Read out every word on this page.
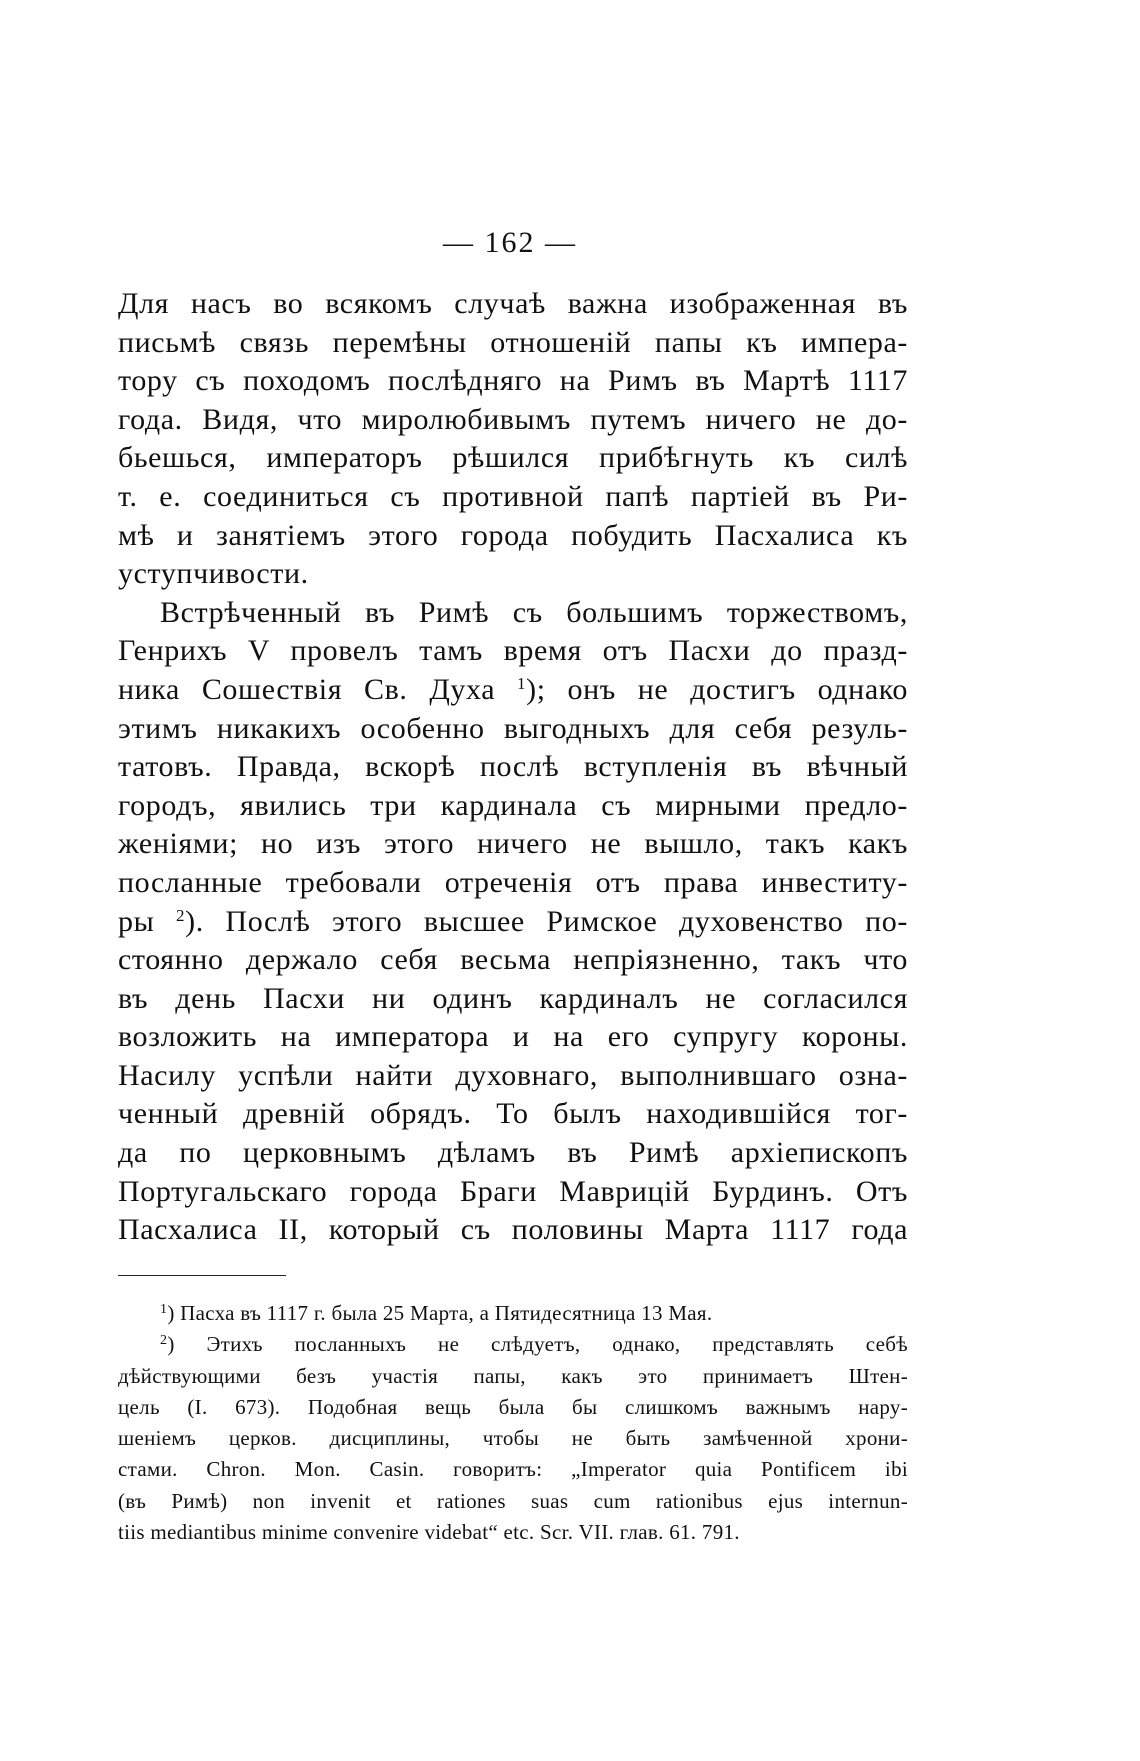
— 162 —
Для насъ во всякомъ случаѣ важна изображенная въ
письмѣ связь перемѣны отношеній папы къ импера-
тору съ походомъ послѣдняго на Римъ въ Мартѣ 1117
года. Видя, что миролюбивымъ путемъ ничего не до-
бьешься, императоръ рѣшился прибѣгнуть къ силѣ
т. е. соединиться съ противной папѣ партіей въ Ри-
мѣ и занятіемъ этого города побудить Пасхалиса къ
уступчивости.
Встрѣченный въ Римѣ съ большимъ торжествомъ,
Генрихъ V провелъ тамъ время отъ Пасхи до празд-
ника Сошествія Св. Духа $^1$); онъ не достигъ однако
этимъ никакихъ особенно выгодныхъ для себя резуль-
татовъ. Правда, вскорѣ послѣ вступленія въ вѣчный
городъ, явились три кардинала съ мирными предло-
женіями; но изъ этого ничего не вышло, такъ какъ
посланные требовали отреченія отъ права инвеститу-
ры $^2$). Послѣ этого высшее Римское духовенство по-
стоянно держало себя весьма непріязненно, такъ что
въ день Пасхи ни одинъ кардиналъ не согласился
возложить на императора и на его супругу короны.
Насилу успѣли найти духовнаго, выполнившаго озна-
ченный древній обрядъ. То былъ находившійся тог-
да по церковнымъ дѣламъ въ Римѣ архіепископъ
Португальскаго города Браги Маврицій Бурдинъ. Отъ
Пасхалиса II, который съ половины Марта 1117 года
$^1$) Пасха въ 1117 г. была 25 Марта, а Пятидесятница 13 Мая.
$^2$) Этихъ посланныхъ не слѣдуетъ, однако, представлять себѣ
дѣйствующими безъ участія папы, какъ это принимаетъ Штен-
цель (I. 673). Подобная вещь была бы слишкомъ важнымъ нару-
шеніемъ церков. дисциплины, чтобы не быть замѣченной хрони-
стами. Chron. Mon. Casin. говоритъ: „Imperator quia Pontificem ibi
(въ Римѣ) non invenit et rationes suas cum rationibus ejus internun-
tiis mediantibus minime convenire videbat“ etc. Scr. VII. глав. 61. 791.
